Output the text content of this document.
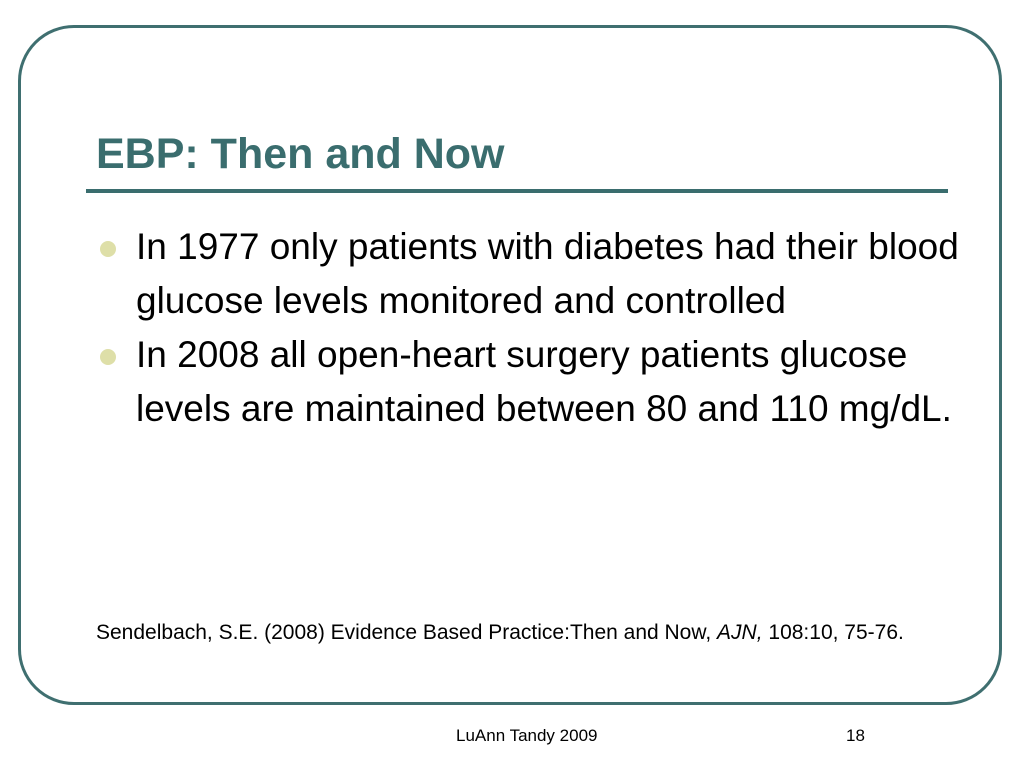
EBP: Then and Now
In 1977 only patients with diabetes had their blood glucose levels monitored and controlled
In 2008 all open-heart surgery patients glucose levels are maintained between 80 and 110 mg/dL.

Sendelbach, S.E. (2008) Evidence Based Practice:Then and Now, AJN, 108:10, 75-76.

LuAnn Tandy 2009	18
